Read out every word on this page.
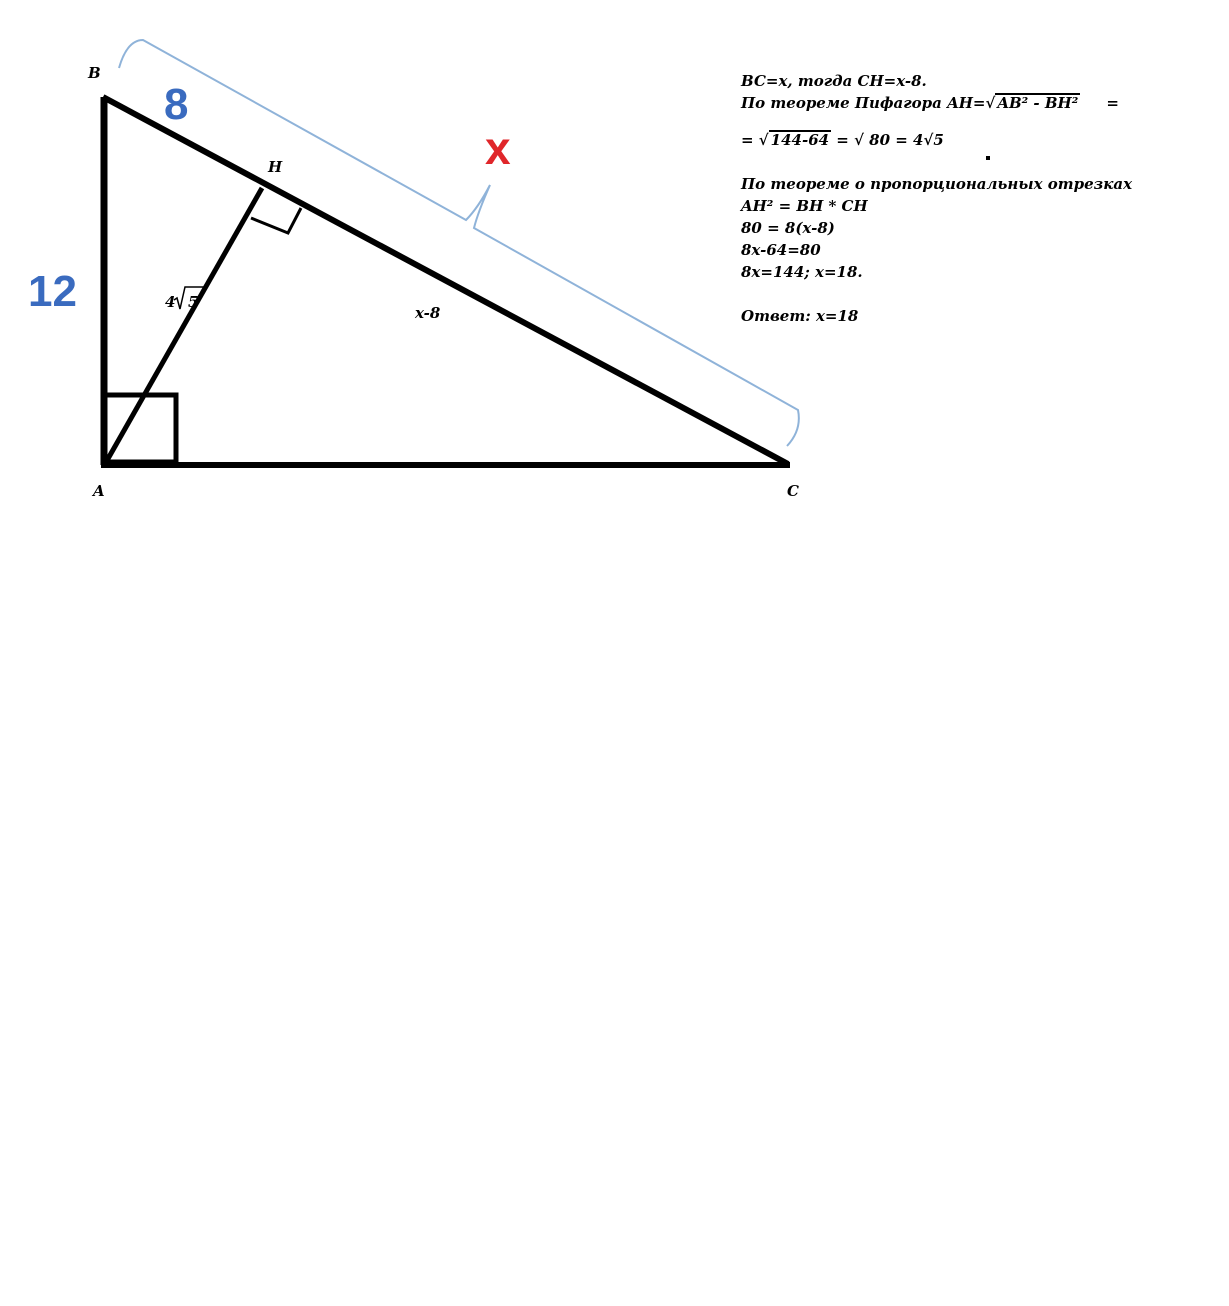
B
A	C
H
12
8
x
4 5
x-8
BC=x, тогда CH=x-8.
По теореме Пифагора AH=√ AB² - BH² =
= √ 144-64 = √ 80 = 4√5
По теореме о пропорциональных отрезках
AH² = BH * CH
80 = 8(x-8)
8x-64=80
8x=144; x=18.
Ответ: x=18
